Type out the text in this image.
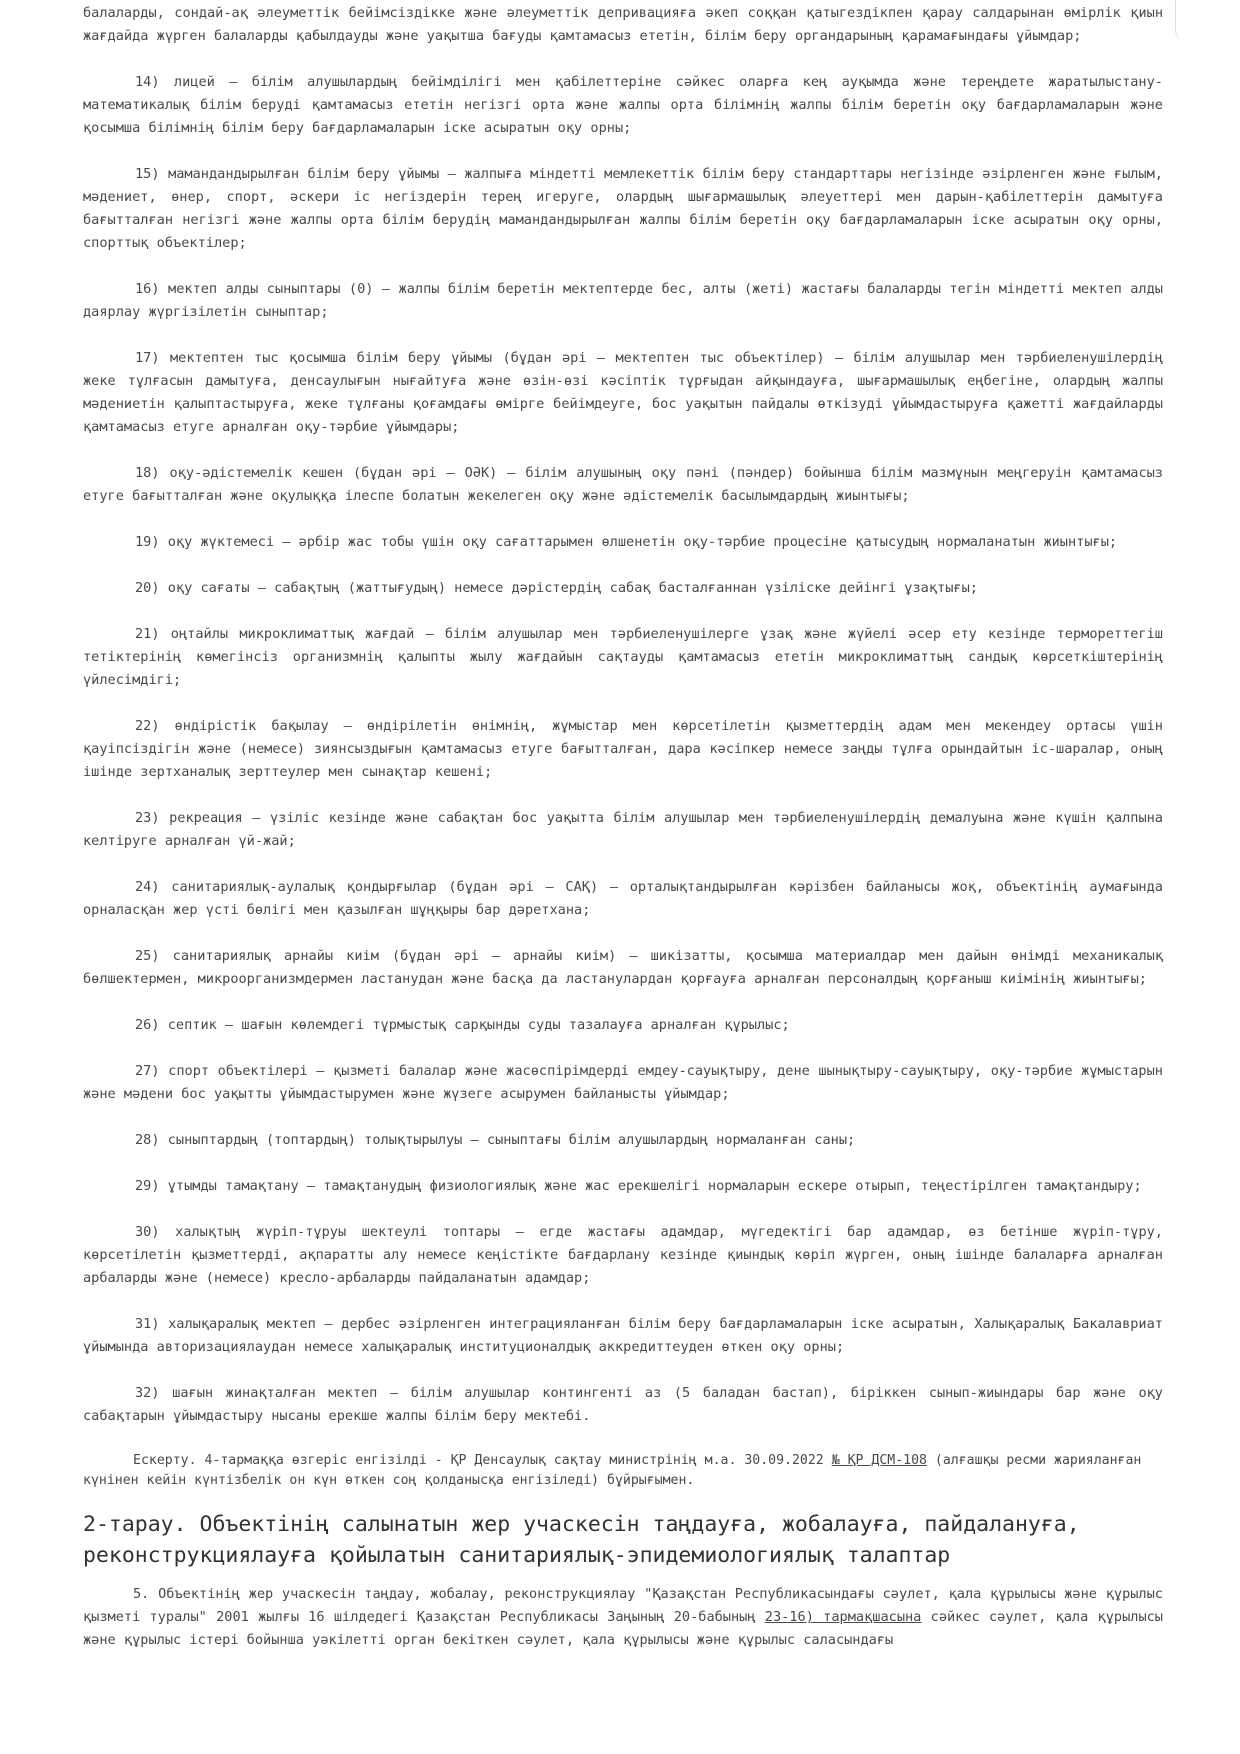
балаларды, сондай-ақ әлеуметтік бейімсіздікке және әлеуметтік депривацияға әкеп соққан қатыгездікпен қарау салдарынан өмірлік қиын жағдайда жүрген балаларды қабылдауды және уақытша бағуды қамтамасыз ететін, білім беру органдарының қарамағындағы ұйымдар;
14) лицей – білім алушылардың бейімділігі мен қабілеттеріне сәйкес оларға кең ауқымда және тереңдете жаратылыстану-математикалық білім беруді қамтамасыз ететін негізгі орта және жалпы орта білімнің жалпы білім беретін оқу бағдарламаларын және қосымша білімнің білім беру бағдарламаларын іске асыратын оқу орны;
15) мамандандырылған білім беру ұйымы – жалпыға міндетті мемлекеттік білім беру стандарттары негізінде әзірленген және ғылым, мәдениет, өнер, спорт, әскери іс негіздерін терең игеруге, олардың шығармашылық әлеуеттері мен дарын-қабілеттерін дамытуға бағытталған негізгі және жалпы орта білім берудің мамандандырылған жалпы білім беретін оқу бағдарламаларын іске асыратын оқу орны, спорттық объектілер;
16) мектеп алды сыныптары (0) – жалпы білім беретін мектептерде бес, алты (жеті) жастағы балаларды тегін міндетті мектеп алды даярлау жүргізілетін сыныптар;
17) мектептен тыс қосымша білім беру ұйымы (бұдан әрі – мектептен тыс объектілер) – білім алушылар мен тәрбиеленушілердің жеке тұлғасын дамытуға, денсаулығын нығайтуға және өзін-өзі кәсіптік тұрғыдан айқындауға, шығармашылық еңбегіне, олардың жалпы мәдениетін қалыптастыруға, жеке тұлғаны қоғамдағы өмірге бейімдеуге, бос уақытын пайдалы өткізуді ұйымдастыруға қажетті жағдайларды қамтамасыз етуге арналған оқу-тәрбие ұйымдары;
18) оқу-әдістемелік кешен (бұдан әрі – ОӘК) – білім алушының оқу пәні (пәндер) бойынша білім мазмұнын меңгеруін қамтамасыз етуге бағытталған және оқулыққа ілеспе болатын жекелеген оқу және әдістемелік басылымдардың жиынтығы;
19) оқу жүктемесі – әрбір жас тобы үшін оқу сағаттарымен өлшенетін оқу-тәрбие процесіне қатысудың нормаланатын жиынтығы;
20) оқу сағаты – сабақтың (жаттығудың) немесе дәрістердің сабақ басталғаннан үзіліске дейінгі ұзақтығы;
21) оңтайлы микроклиматтық жағдай – білім алушылар мен тәрбиеленушілерге ұзақ және жүйелі әсер ету кезінде термореттегіш тетіктерінің көмегінсіз организмнің қалыпты жылу жағдайын сақтауды қамтамасыз ететін микроклиматтың сандық көрсеткіштерінің үйлесімдігі;
22) өндірістік бақылау – өндірілетін өнімнің, жұмыстар мен көрсетілетін қызметтердің адам мен мекендеу ортасы үшін қауіпсіздігін және (немесе) зиянсыздығын қамтамасыз етуге бағытталған, дара кәсіпкер немесе заңды тұлға орындайтын іс-шаралар, оның ішінде зертханалық зерттеулер мен сынақтар кешені;
23) рекреация – үзіліс кезінде және сабақтан бос уақытта білім алушылар мен тәрбиеленушілердің демалуына және күшін қалпына келтіруге арналған үй-жай;
24) санитариялық-аулалық қондырғылар (бұдан әрі – САҚ) – орталықтандырылған кәрізбен байланысы жоқ, объектінің аумағында орналасқан жер үсті бөлігі мен қазылған шұңқыры бар дәретхана;
25) санитариялық арнайы киім (бұдан әрі – арнайы киім) – шикізатты, қосымша материалдар мен дайын өнімді механикалық бөлшектермен, микроорганизмдермен ластанудан және басқа да ластанулардан қорғауға арналған персоналдың қорғаныш киімінің жиынтығы;
26) септик – шағын көлемдегі тұрмыстық сарқынды суды тазалауға арналған құрылыс;
27) спорт объектілері – қызметі балалар және жасөспірімдерді емдеу-сауықтыру, дене шынықтыру-сауықтыру, оқу-тәрбие жұмыстарын және мәдени бос уақытты ұйымдастырумен және жүзеге асырумен байланысты ұйымдар;
28) сыныптардың (топтардың) толықтырылуы – сыныптағы білім алушылардың нормаланған саны;
29) ұтымды тамақтану – тамақтанудың физиологиялық және жас ерекшелігі нормаларын ескере отырып, теңестірілген тамақтандыру;
30) халықтың жүріп-тұруы шектеулі топтары – егде жастағы адамдар, мүгедектігі бар адамдар, өз бетінше жүріп-тұру, көрсетілетін қызметтерді, ақпаратты алу немесе кеңістікте бағдарлану кезінде қиындық көріп жүрген, оның ішінде балаларға арналған арбаларды және (немесе) кресло-арбаларды пайдаланатын адамдар;
31) халықаралық мектеп – дербес әзірленген интеграцияланған білім беру бағдарламаларын іске асыратын, Халықаралық Бакалавриат ұйымында авторизациялаудан немесе халықаралық институционалдық аккредиттеуден өткен оқу орны;
32) шағын жинақталған мектеп – білім алушылар контингенті аз (5 баладан бастап), біріккен сынып-жиындары бар және оқу сабақтарын ұйымдастыру нысаны ерекше жалпы білім беру мектебі.
Ескерту. 4-тармаққа өзгеріс енгізілді - ҚР Денсаулық сақтау министрінің м.а. 30.09.2022 № ҚР ДСМ-108 (алғашқы ресми жарияланған күнінен кейін күнтізбелік он күн өткен соң қолданысқа енгізіледі) бұйрығымен.
2-тарау. Объектінің салынатын жер учаскесін таңдауға, жобалауға, пайдалануға, реконструкциялауға қойылатын санитариялық-эпидемиологиялық талаптар
5. Объектінің жер учаскесін таңдау, жобалау, реконструкциялау "Қазақстан Республикасындағы сәулет, қала құрылысы және құрылыс қызметі туралы" 2001 жылғы 16 шілдедегі Қазақстан Республикасы Заңының 20-бабының 23-16) тармақшасына сәйкес сәулет, қала құрылысы және құрылыс істері бойынша уәкілетті орган бекіткен сәулет, қала құрылысы және құрылыс саласындағы
